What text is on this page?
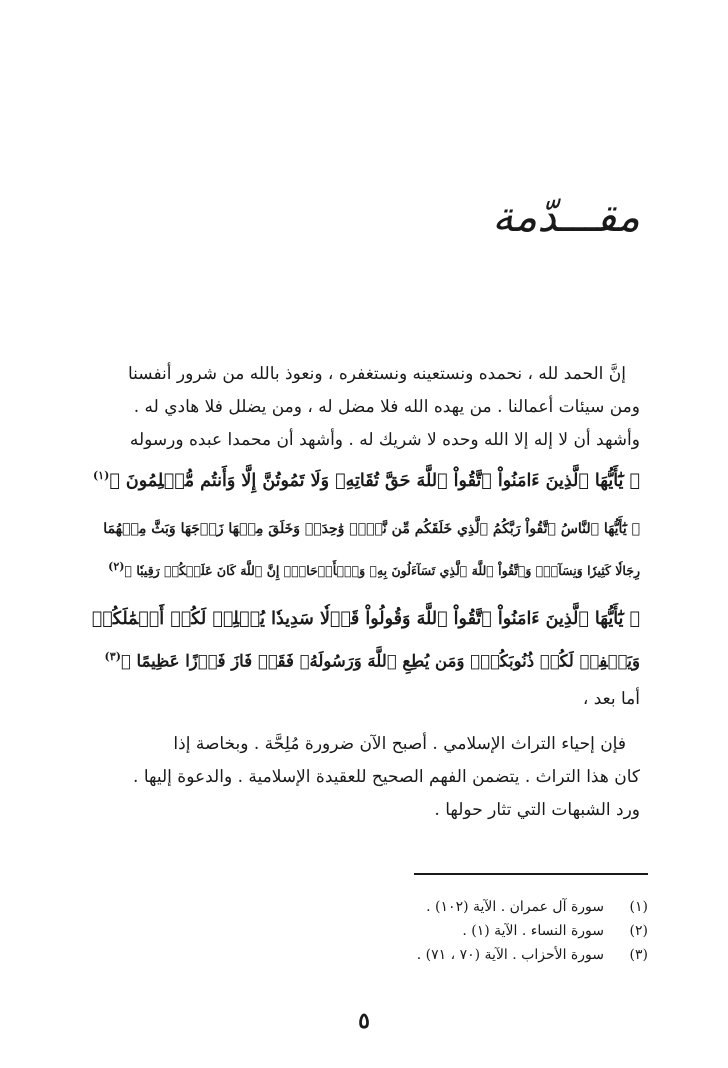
مقـــدّمة
إنَّ الحمد لله ، نحمده ونستعينه ونستغفره ، ونعوذ بالله من شرور أنفسنا
ومن سيئات أعمالنا . من يهده الله فلا مضل له ، ومن يضلل فلا هادي له .
وأشهد أن لا إله إلا الله وحده لا شريك له . وأشهد أن محمدا عبده ورسوله
﴿ يَٰٓأَيُّهَا ٱلَّذِينَ ءَامَنُواْ ٱتَّقُواْ ٱللَّهَ حَقَّ تُقَاتِهِۦ وَلَا تَمُوتُنَّ إِلَّا وَأَنتُم مُّسۡلِمُونَ ﴾$^{(١)}$
﴿ يَٰٓأَيُّهَا ٱلنَّاسُ ٱتَّقُواْ رَبَّكُمُ ٱلَّذِي خَلَقَكُم مِّن نَّفۡسٖ وَٰحِدَةٖ وَخَلَقَ مِنۡهَا زَوۡجَهَا وَبَثَّ مِنۡهُمَا
رِجَالٗا كَثِيرٗا وَنِسَآءٗۚ وَٱتَّقُواْ ٱللَّهَ ٱلَّذِي تَسَآءَلُونَ بِهِۦ وَٱلۡأَرۡحَامَۚ إِنَّ ٱللَّهَ كَانَ عَلَيۡكُمۡ رَقِيبٗا ﴾(٢)
﴿ يَٰٓأَيُّهَا ٱلَّذِينَ ءَامَنُواْ ٱتَّقُواْ ٱللَّهَ وَقُولُواْ قَوۡلٗا سَدِيدٗا يُصۡلِحۡ لَكُمۡ أَعۡمَٰلَكُمۡ
وَيَغۡفِرۡ لَكُمۡ ذُنُوبَكُمۡۗ وَمَن يُطِعِ ٱللَّهَ وَرَسُولَهُۥ فَقَدۡ فَازَ فَوۡزًا عَظِيمًا ﴾$^{(٣)}$
أما بعد ،
فإن إحياء التراث الإسلامي . أصبح الآن ضرورة مُلِحَّة . وبخاصة إذا
كان هذا التراث . يتضمن الفهم الصحيح للعقيدة الإسلامية . والدعوة إليها .
ورد الشبهات التي تثار حولها .
(١)سورة آل عمران . الآية (١٠٢) .
(٢)سورة النساء . الآية (١) .
(٣)سورة الأحزاب . الآية (٧٠ ، ٧١) .
٥
